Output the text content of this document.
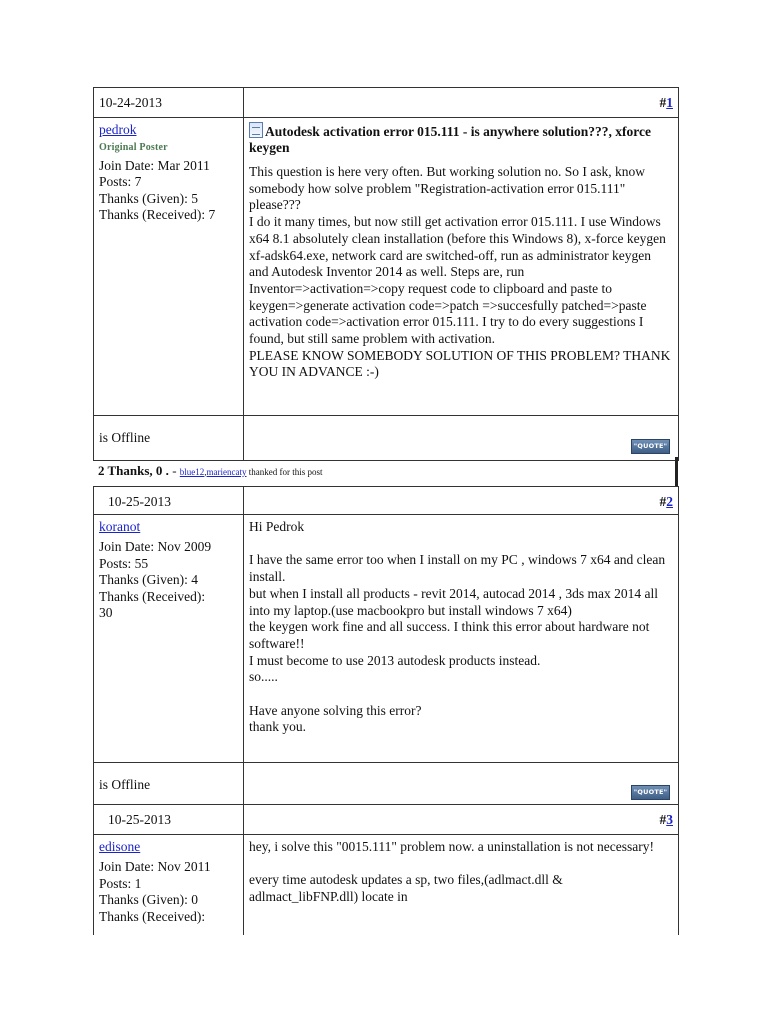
10-24-2013	#1
pedrok
Original Poster
Join Date: Mar 2011
Posts: 7
Thanks (Given): 5
Thanks (Received): 7
Autodesk activation error 015.111 - is anywhere solution???, xforce keygen
This question is here very often. But working solution no. So I ask, know somebody how solve problem "Registration-activation error 015.111" please???
I do it many times, but now still get activation error 015.111. I use Windows x64 8.1 absolutely clean installation (before this Windows 8), x-force keygen xf-adsk64.exe, network card are switched-off, run as administrator keygen and Autodesk Inventor 2014 as well. Steps are, run Inventor=>activation=>copy request code to clipboard and paste to keygen=>generate activation code=>patch =>succesfully patched=>paste activation code=>activation error 015.111. I try to do every suggestions I found, but still same problem with activation.
PLEASE KNOW SOMEBODY SOLUTION OF THIS PROBLEM? THANK YOU IN ADVANCE :-)
is Offline
"QUOTE"
2 Thanks, 0 . - blue12,mariencaty thanked for this post
10-25-2013	#2
koranot
Join Date: Nov 2009
Posts: 55
Thanks (Given): 4
Thanks (Received): 30
Hi Pedrok

I have the same error too when I install on my PC , windows 7 x64 and clean install.
but when I install all products - revit 2014, autocad 2014 , 3ds max 2014 all into my laptop.(use macbookpro but install windows 7 x64)
the keygen work fine and all success. I think this error about hardware not software!!
I must become to use 2013 autodesk products instead.
so.....

Have anyone solving this error?
thank you.
is Offline	"QUOTE"
10-25-2013	#3
edisone
Join Date: Nov 2011
Posts: 1
Thanks (Given): 0
Thanks (Received):
hey, i solve this "0015.111" problem now. a uninstallation is not necessary!

every time autodesk updates a sp, two files,(adlmact.dll & adlmact_libFNP.dll) locate in
